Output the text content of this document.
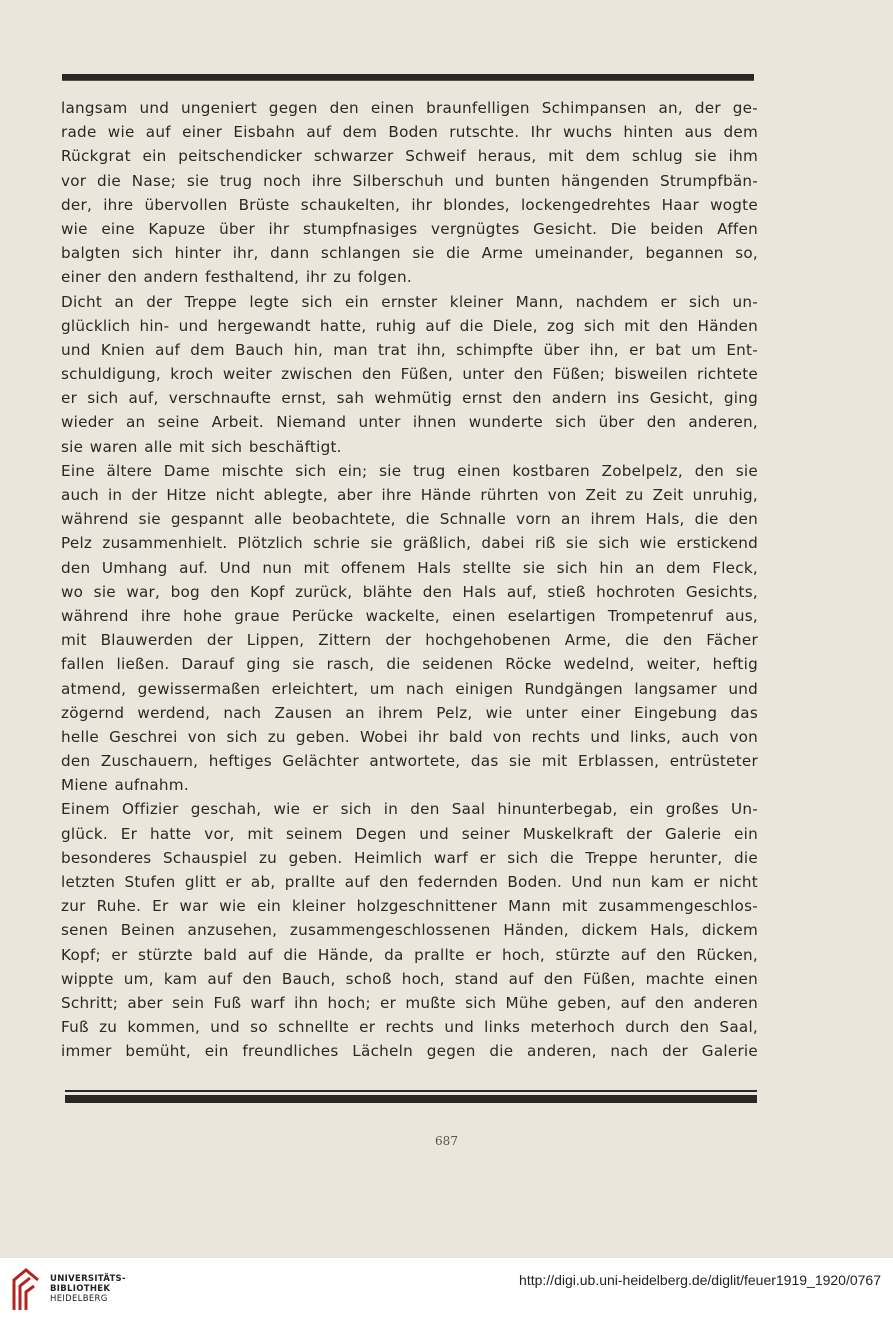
langsam und ungeniert gegen den einen braunfelligen Schimpansen an, der ge-
rade wie auf einer Eisbahn auf dem Boden rutschte. Ihr wuchs hinten aus dem
Rückgrat ein peitschendicker schwarzer Schweif heraus, mit dem schlug sie ihm
vor die Nase; sie trug noch ihre Silberschuh und bunten hängenden Strumpfbän-
der, ihre übervollen Brüste schaukelten, ihr blondes, lockengedrehtes Haar wogte
wie eine Kapuze über ihr stumpfnasiges vergnügtes Gesicht. Die beiden Affen
balgten sich hinter ihr, dann schlangen sie die Arme umeinander, begannen so,
einer den andern festhaltend, ihr zu folgen.
Dicht an der Treppe legte sich ein ernster kleiner Mann, nachdem er sich un-
glücklich hin- und hergewandt hatte, ruhig auf die Diele, zog sich mit den Händen
und Knien auf dem Bauch hin, man trat ihn, schimpfte über ihn, er bat um Ent-
schuldigung, kroch weiter zwischen den Füßen, unter den Füßen; bisweilen richtete
er sich auf, verschnaufte ernst, sah wehmütig ernst den andern ins Gesicht, ging
wieder an seine Arbeit. Niemand unter ihnen wunderte sich über den anderen,
sie waren alle mit sich beschäftigt.
Eine ältere Dame mischte sich ein; sie trug einen kostbaren Zobelpelz, den sie
auch in der Hitze nicht ablegte, aber ihre Hände rührten von Zeit zu Zeit unruhig,
während sie gespannt alle beobachtete, die Schnalle vorn an ihrem Hals, die den
Pelz zusammenhielt. Plötzlich schrie sie gräßlich, dabei riß sie sich wie erstickend
den Umhang auf. Und nun mit offenem Hals stellte sie sich hin an dem Fleck,
wo sie war, bog den Kopf zurück, blähte den Hals auf, stieß hochroten Gesichts,
während ihre hohe graue Perücke wackelte, einen eselartigen Trompetenruf aus,
mit Blauwerden der Lippen, Zittern der hochgehobenen Arme, die den Fächer
fallen ließen. Darauf ging sie rasch, die seidenen Röcke wedelnd, weiter, heftig
atmend, gewissermaßen erleichtert, um nach einigen Rundgängen langsamer und
zögernd werdend, nach Zausen an ihrem Pelz, wie unter einer Eingebung das
helle Geschrei von sich zu geben. Wobei ihr bald von rechts und links, auch von
den Zuschauern, heftiges Gelächter antwortete, das sie mit Erblassen, entrüsteter
Miene aufnahm.
Einem Offizier geschah, wie er sich in den Saal hinunterbegab, ein großes Un-
glück. Er hatte vor, mit seinem Degen und seiner Muskelkraft der Galerie ein
besonderes Schauspiel zu geben. Heimlich warf er sich die Treppe herunter, die
letzten Stufen glitt er ab, prallte auf den federnden Boden. Und nun kam er nicht
zur Ruhe. Er war wie ein kleiner holzgeschnittener Mann mit zusammengeschlos-
senen Beinen anzusehen, zusammengeschlossenen Händen, dickem Hals, dickem
Kopf; er stürzte bald auf die Hände, da prallte er hoch, stürzte auf den Rücken,
wippte um, kam auf den Bauch, schoß hoch, stand auf den Füßen, machte einen
Schritt; aber sein Fuß warf ihn hoch; er mußte sich Mühe geben, auf den anderen
Fuß zu kommen, und so schnellte er rechts und links meterhoch durch den Saal,
immer bemüht, ein freundliches Lächeln gegen die anderen, nach der Galerie
687
UNIVERSITÄTS-
BIBLIOTHEK
HEIDELBERG
http://digi.ub.uni-heidelberg.de/diglit/feuer1919_1920/0767
